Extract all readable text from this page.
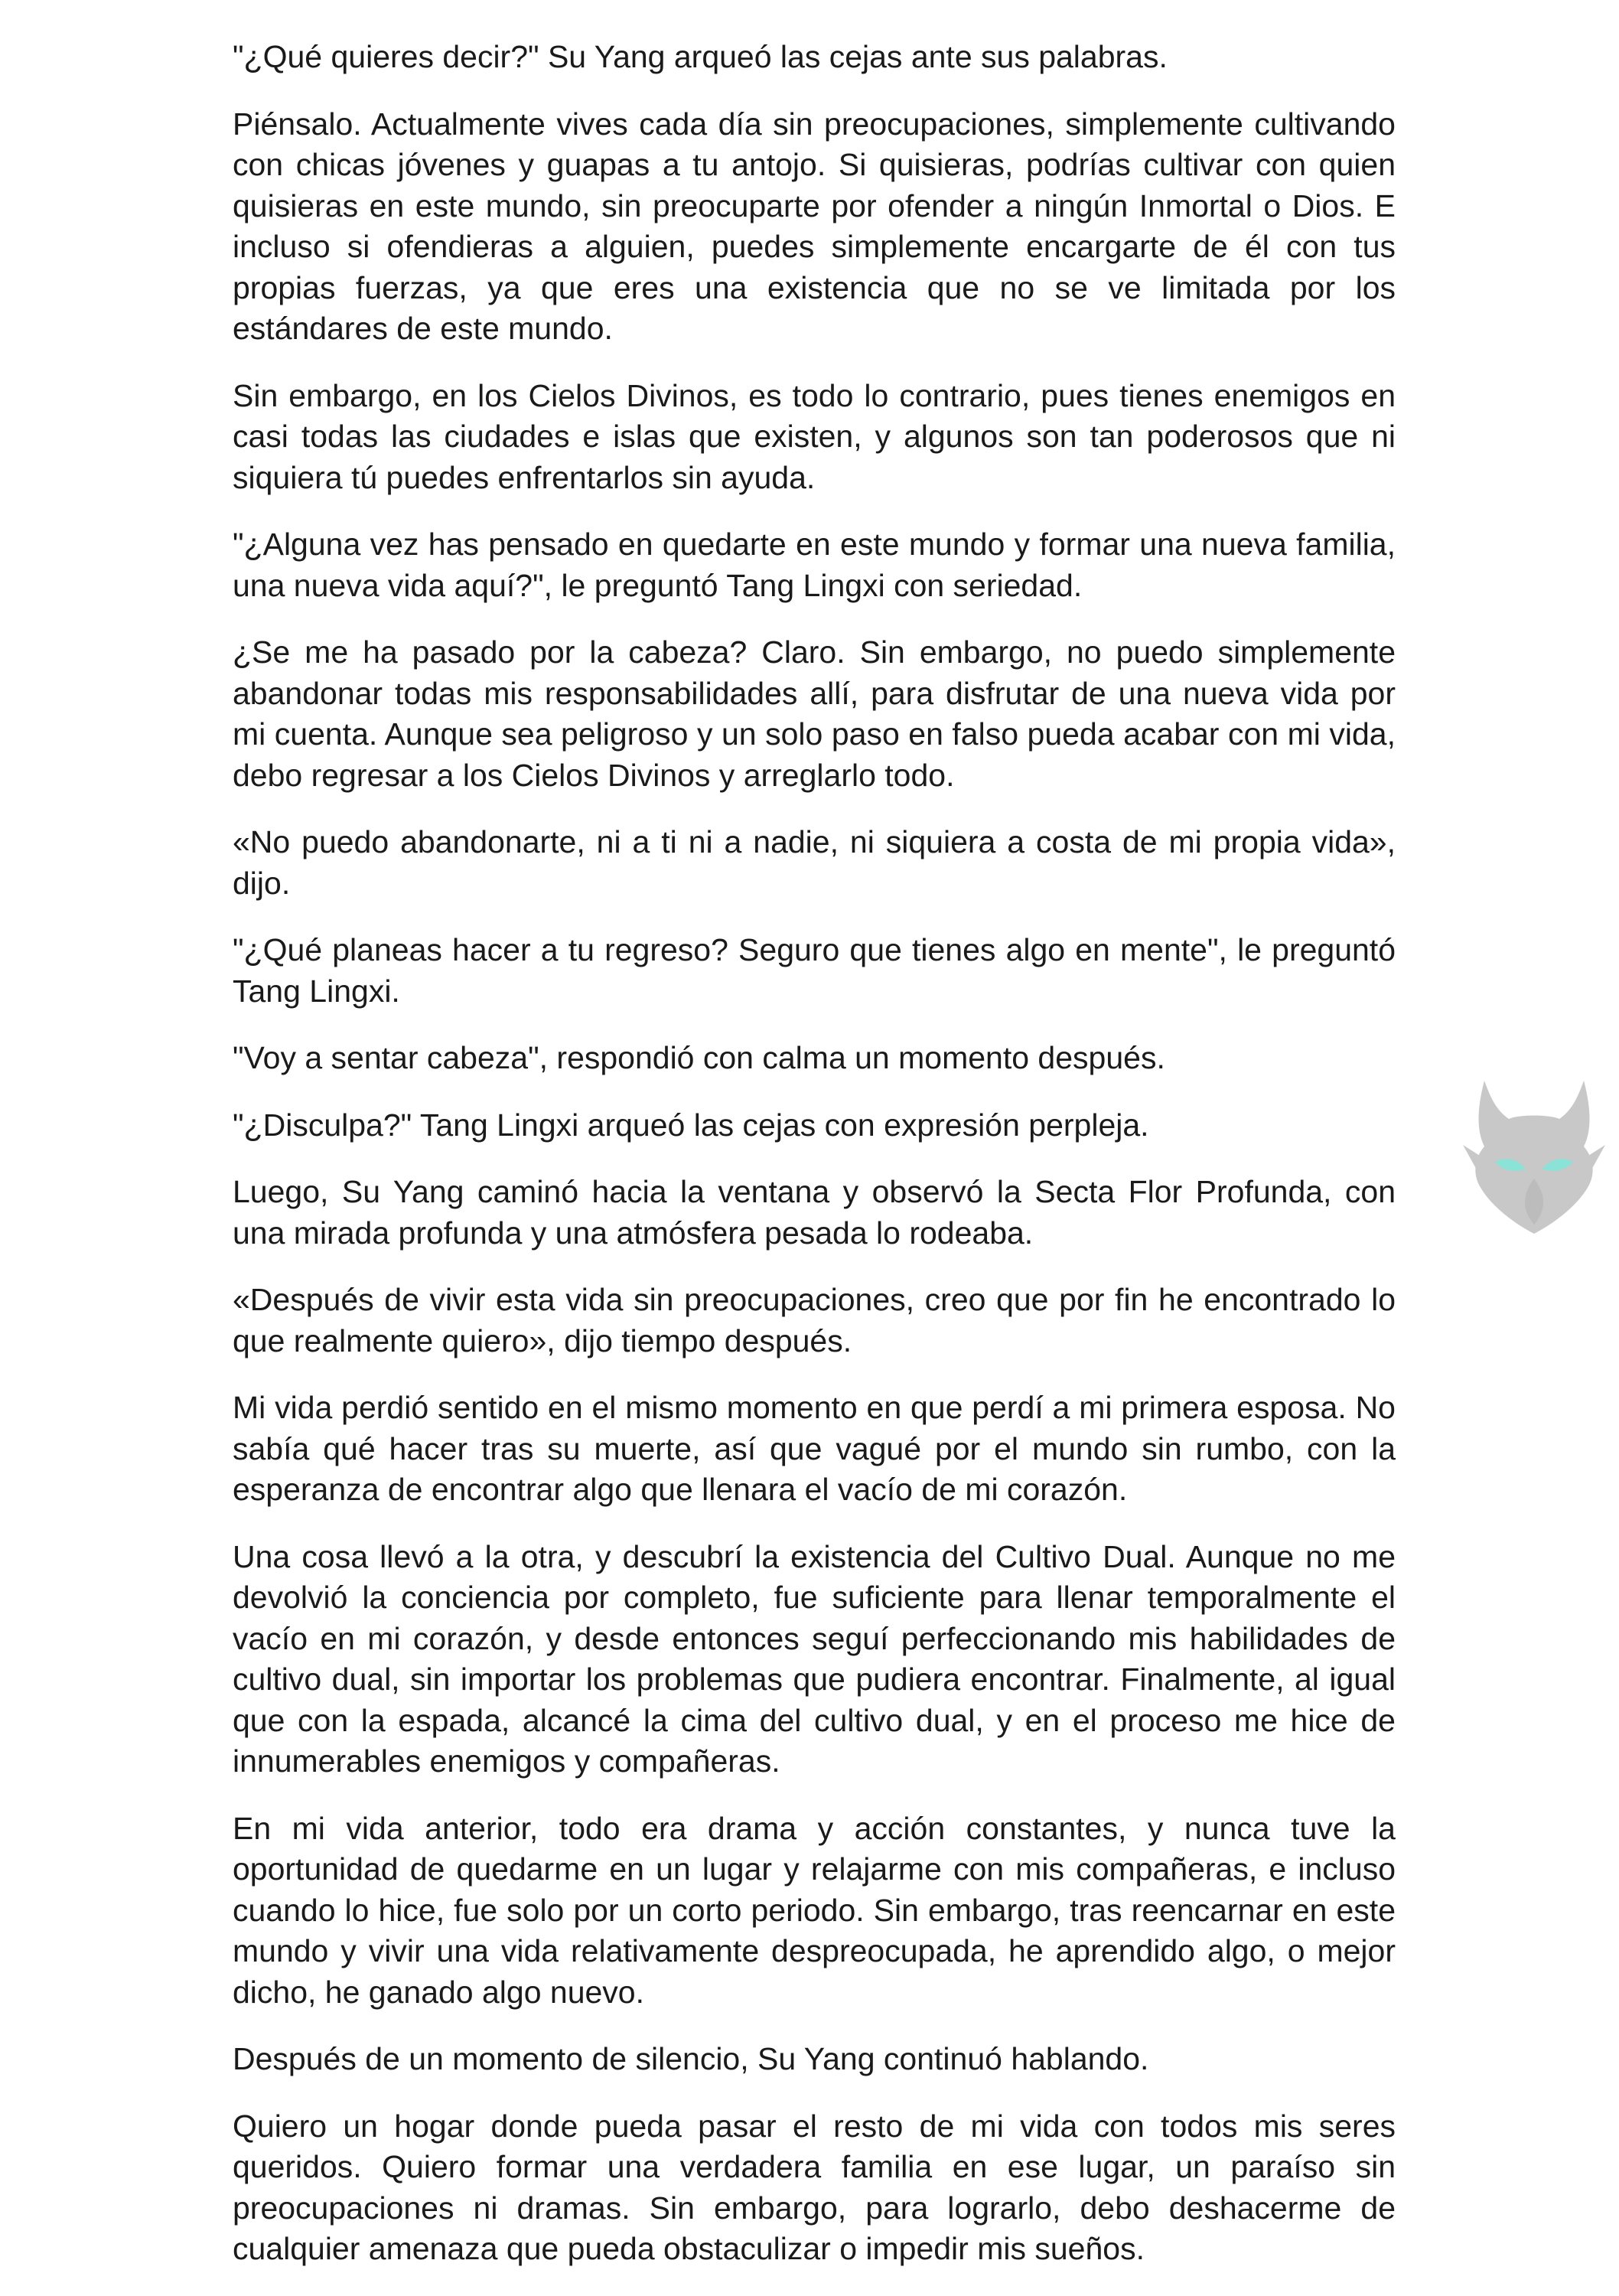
"¿Qué quieres decir?" Su Yang arqueó las cejas ante sus palabras.

Piénsalo. Actualmente vives cada día sin preocupaciones, simplemente cultivando con chicas jóvenes y guapas a tu antojo. Si quisieras, podrías cultivar con quien quisieras en este mundo, sin preocuparte por ofender a ningún Inmortal o Dios. E incluso si ofendieras a alguien, puedes simplemente encargarte de él con tus propias fuerzas, ya que eres una existencia que no se ve limitada por los estándares de este mundo.

Sin embargo, en los Cielos Divinos, es todo lo contrario, pues tienes enemigos en casi todas las ciudades e islas que existen, y algunos son tan poderosos que ni siquiera tú puedes enfrentarlos sin ayuda.

"¿Alguna vez has pensado en quedarte en este mundo y formar una nueva familia, una nueva vida aquí?", le preguntó Tang Lingxi con seriedad.

¿Se me ha pasado por la cabeza? Claro. Sin embargo, no puedo simplemente abandonar todas mis responsabilidades allí, para disfrutar de una nueva vida por mi cuenta. Aunque sea peligroso y un solo paso en falso pueda acabar con mi vida, debo regresar a los Cielos Divinos y arreglarlo todo.

«No puedo abandonarte, ni a ti ni a nadie, ni siquiera a costa de mi propia vida», dijo.

"¿Qué planeas hacer a tu regreso? Seguro que tienes algo en mente", le preguntó Tang Lingxi.

"Voy a sentar cabeza", respondió con calma un momento después.

"¿Disculpa?" Tang Lingxi arqueó las cejas con expresión perpleja.

Luego, Su Yang caminó hacia la ventana y observó la Secta Flor Profunda, con una mirada profunda y una atmósfera pesada lo rodeaba.

«Después de vivir esta vida sin preocupaciones, creo que por fin he encontrado lo que realmente quiero», dijo tiempo después.

Mi vida perdió sentido en el mismo momento en que perdí a mi primera esposa. No sabía qué hacer tras su muerte, así que vagué por el mundo sin rumbo, con la esperanza de encontrar algo que llenara el vacío de mi corazón.

Una cosa llevó a la otra, y descubrí la existencia del Cultivo Dual. Aunque no me devolvió la conciencia por completo, fue suficiente para llenar temporalmente el vacío en mi corazón, y desde entonces seguí perfeccionando mis habilidades de cultivo dual, sin importar los problemas que pudiera encontrar. Finalmente, al igual que con la espada, alcancé la cima del cultivo dual, y en el proceso me hice de innumerables enemigos y compañeras.

En mi vida anterior, todo era drama y acción constantes, y nunca tuve la oportunidad de quedarme en un lugar y relajarme con mis compañeras, e incluso cuando lo hice, fue solo por un corto periodo. Sin embargo, tras reencarnar en este mundo y vivir una vida relativamente despreocupada, he aprendido algo, o mejor dicho, he ganado algo nuevo.

Después de un momento de silencio, Su Yang continuó hablando.

Quiero un hogar donde pueda pasar el resto de mi vida con todos mis seres queridos. Quiero formar una verdadera familia en ese lugar, un paraíso sin preocupaciones ni dramas. Sin embargo, para lograrlo, debo deshacerme de cualquier amenaza que pueda obstaculizar o impedir mis sueños.
